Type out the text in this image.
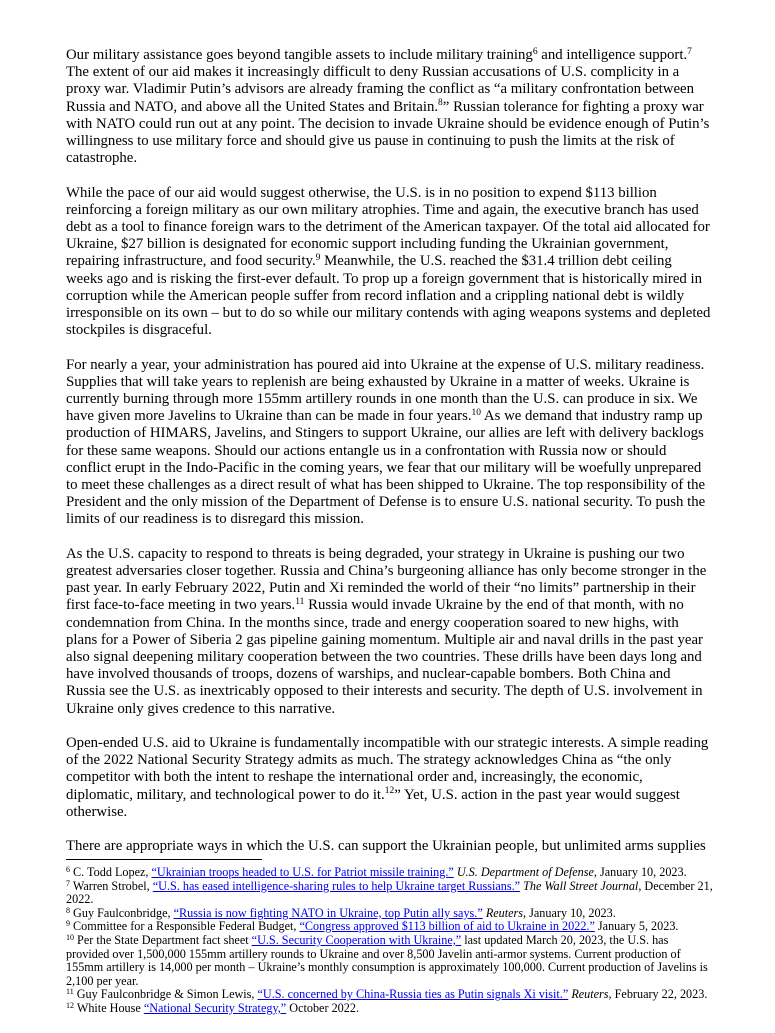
Our military assistance goes beyond tangible assets to include military training$^6$ and intelligence support.$^7$ The extent of our aid makes it increasingly difficult to deny Russian accusations of U.S. complicity in a proxy war. Vladimir Putin’s advisors are already framing the conflict as “a military confrontation between Russia and NATO, and above all the United States and Britain.$^8$” Russian tolerance for fighting a proxy war with NATO could run out at any point. The decision to invade Ukraine should be evidence enough of Putin’s willingness to use military force and should give us pause in continuing to push the limits at the risk of catastrophe.

While the pace of our aid would suggest otherwise, the U.S. is in no position to expend $113 billion reinforcing a foreign military as our own military atrophies. Time and again, the executive branch has used debt as a tool to finance foreign wars to the detriment of the American taxpayer. Of the total aid allocated for Ukraine, $27 billion is designated for economic support including funding the Ukrainian government, repairing infrastructure, and food security.$^9$ Meanwhile, the U.S. reached the $31.4 trillion debt ceiling weeks ago and is risking the first-ever default. To prop up a foreign government that is historically mired in corruption while the American people suffer from record inflation and a crippling national debt is wildly irresponsible on its own – but to do so while our military contends with aging weapons systems and depleted stockpiles is disgraceful.

For nearly a year, your administration has poured aid into Ukraine at the expense of U.S. military readiness. Supplies that will take years to replenish are being exhausted by Ukraine in a matter of weeks. Ukraine is currently burning through more 155mm artillery rounds in one month than the U.S. can produce in six. We have given more Javelins to Ukraine than can be made in four years.$^{10}$ As we demand that industry ramp up production of HIMARS, Javelins, and Stingers to support Ukraine, our allies are left with delivery backlogs for these same weapons. Should our actions entangle us in a confrontation with Russia now or should conflict erupt in the Indo-Pacific in the coming years, we fear that our military will be woefully unprepared to meet these challenges as a direct result of what has been shipped to Ukraine. The top responsibility of the President and the only mission of the Department of Defense is to ensure U.S. national security. To push the limits of our readiness is to disregard this mission.

As the U.S. capacity to respond to threats is being degraded, your strategy in Ukraine is pushing our two greatest adversaries closer together. Russia and China’s burgeoning alliance has only become stronger in the past year. In early February 2022, Putin and Xi reminded the world of their “no limits” partnership in their first face-to-face meeting in two years.$^{11}$ Russia would invade Ukraine by the end of that month, with no condemnation from China. In the months since, trade and energy cooperation soared to new highs, with plans for a Power of Siberia 2 gas pipeline gaining momentum. Multiple air and naval drills in the past year also signal deepening military cooperation between the two countries. These drills have been days long and have involved thousands of troops, dozens of warships, and nuclear-capable bombers. Both China and Russia see the U.S. as inextricably opposed to their interests and security. The depth of U.S. involvement in Ukraine only gives credence to this narrative.

Open-ended U.S. aid to Ukraine is fundamentally incompatible with our strategic interests. A simple reading of the 2022 National Security Strategy admits as much. The strategy acknowledges China as “the only competitor with both the intent to reshape the international order and, increasingly, the economic, diplomatic, military, and technological power to do it.$^{12}$” Yet, U.S. action in the past year would suggest otherwise.

There are appropriate ways in which the U.S. can support the Ukrainian people, but unlimited arms supplies

$^6$ C. Todd Lopez, “Ukrainian troops headed to U.S. for Patriot missile training.” U.S. Department of Defense, January 10, 2023.
$^7$ Warren Strobel, “U.S. has eased intelligence-sharing rules to help Ukraine target Russians.” The Wall Street Journal, December 21, 2022.
$^8$ Guy Faulconbridge, “Russia is now fighting NATO in Ukraine, top Putin ally says.” Reuters, January 10, 2023.
$^9$ Committee for a Responsible Federal Budget, “Congress approved $113 billion of aid to Ukraine in 2022.” January 5, 2023.
$^{10}$ Per the State Department fact sheet “U.S. Security Cooperation with Ukraine,” last updated March 20, 2023, the U.S. has provided over 1,500,000 155mm artillery rounds to Ukraine and over 8,500 Javelin anti-armor systems. Current production of 155mm artillery is 14,000 per month – Ukraine’s monthly consumption is approximately 100,000. Current production of Javelins is 2,100 per year.
$^{11}$ Guy Faulconbridge & Simon Lewis, “U.S. concerned by China-Russia ties as Putin signals Xi visit.” Reuters, February 22, 2023.
$^{12}$ White House “National Security Strategy,” October 2022.
